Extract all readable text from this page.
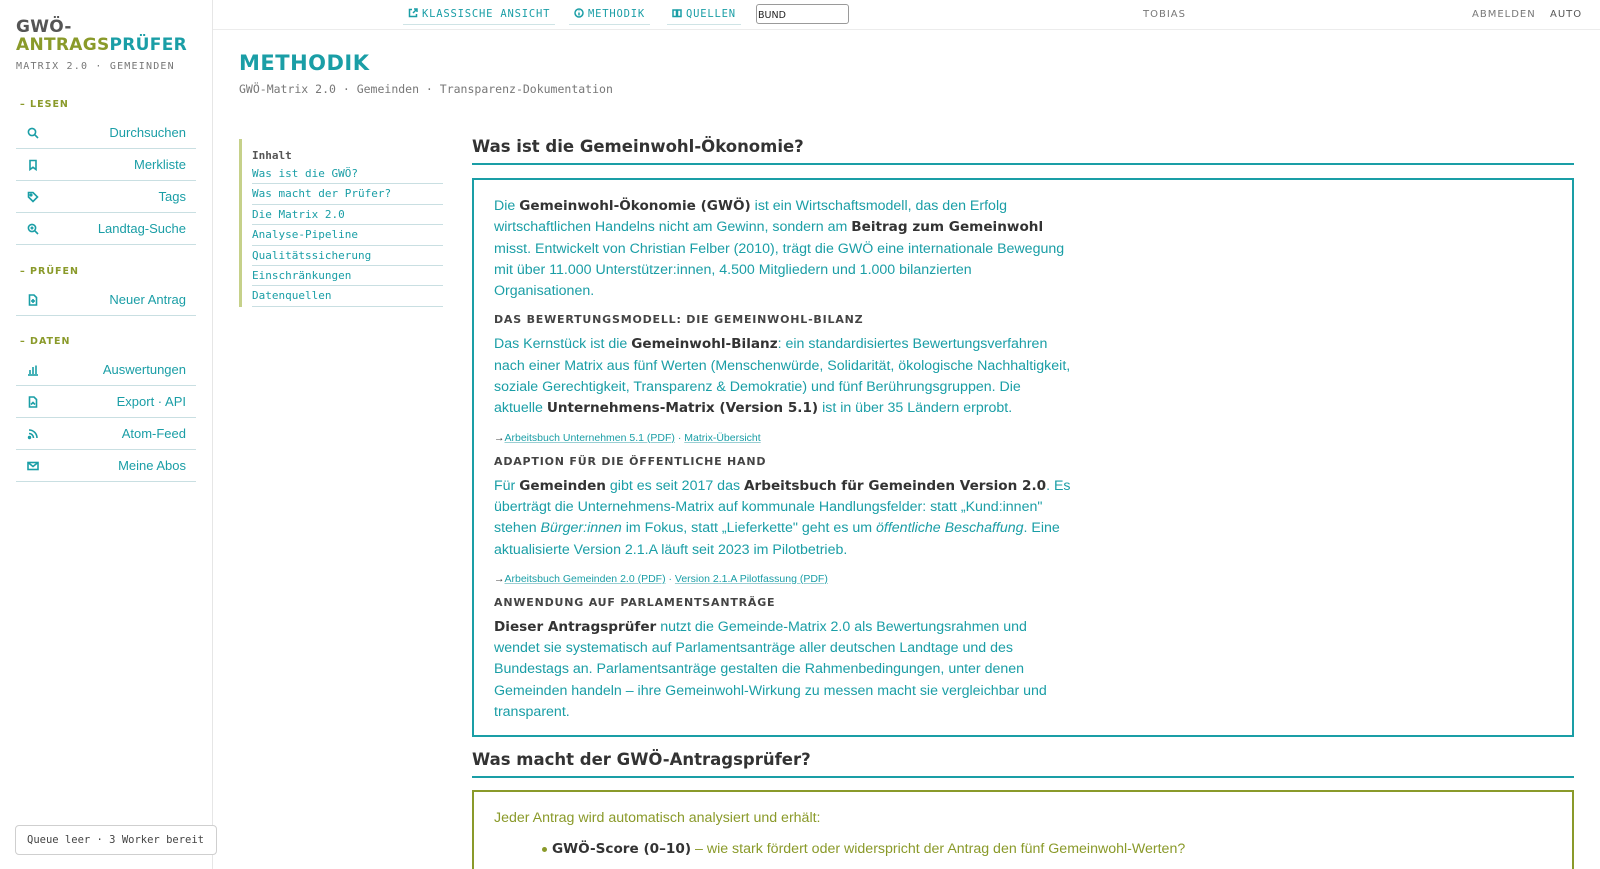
GWÖ-
ANTRAGSPRÜFER
MATRIX 2.0 · GEMEINDEN
– LESEN
Durchsuchen
Merkliste
Tags
Landtag-Suche
– PRÜFEN
Neuer Antrag
– DATEN
Auswertungen
Export · API
Atom-Feed
Meine Abos
Queue leer · 3 Worker bereit
KLASSISCHE ANSICHT	METHODIK	QUELLEN BUND	TOBIAS	ABMELDEN AUTO
METHODIK
GWÖ-Matrix 2.0 · Gemeinden · Transparenz-Dokumentation
Inhalt
Was ist die GWÖ?
Was macht der Prüfer?
Die Matrix 2.0
Analyse-Pipeline
Qualitätssicherung
Einschränkungen
Datenquellen
Was ist die Gemeinwohl-Ökonomie?

Die Gemeinwohl-Ökonomie (GWÖ) ist ein Wirtschaftsmodell, das den Erfolg wirtschaftlichen Handelns nicht am Gewinn, sondern am Beitrag zum Gemeinwohl misst. Entwickelt von Christian Felber (2010), trägt die GWÖ eine internationale Bewegung mit über 11.000 Unterstützer:innen, 4.500 Mitgliedern und 1.000 bilanzierten Organisationen.

DAS BEWERTUNGSMODELL: DIE GEMEINWOHL-BILANZ

Das Kernstück ist die Gemeinwohl-Bilanz: ein standardisiertes Bewertungsverfahren nach einer Matrix aus fünf Werten (Menschenwürde, Solidarität, ökologische Nachhaltigkeit, soziale Gerechtigkeit, Transparenz & Demokratie) und fünf Berührungsgruppen. Die aktuelle Unternehmens-Matrix (Version 5.1) ist in über 35 Ländern erprobt.

→Arbeitsbuch Unternehmen 5.1 (PDF) · Matrix-Übersicht
ADAPTION FÜR DIE ÖFFENTLICHE HAND

Für Gemeinden gibt es seit 2017 das Arbeitsbuch für Gemeinden Version 2.0. Es überträgt die Unternehmens-Matrix auf kommunale Handlungsfelder: statt „Kund:innen" stehen Bürger:innen im Fokus, statt „Lieferkette" geht es um öffentliche Beschaffung. Eine aktualisierte Version 2.1.A läuft seit 2023 im Pilotbetrieb.

→Arbeitsbuch Gemeinden 2.0 (PDF) · Version 2.1.A Pilotfassung (PDF)
ANWENDUNG AUF PARLAMENTSANTRÄGE

Dieser Antragsprüfer nutzt die Gemeinde-Matrix 2.0 als Bewertungsrahmen und wendet sie systematisch auf Parlamentsanträge aller deutschen Landtage und des Bundestags an. Parlamentsanträge gestalten die Rahmenbedingungen, unter denen Gemeinden handeln – ihre Gemeinwohl-Wirkung zu messen macht sie vergleichbar und transparent.

Was macht der GWÖ-Antragsprüfer?

Jeder Antrag wird automatisch analysiert und erhält:

GWÖ-Score (0–10) – wie stark fördert oder widerspricht der Antrag den fünf Gemeinwohl-Werten?
